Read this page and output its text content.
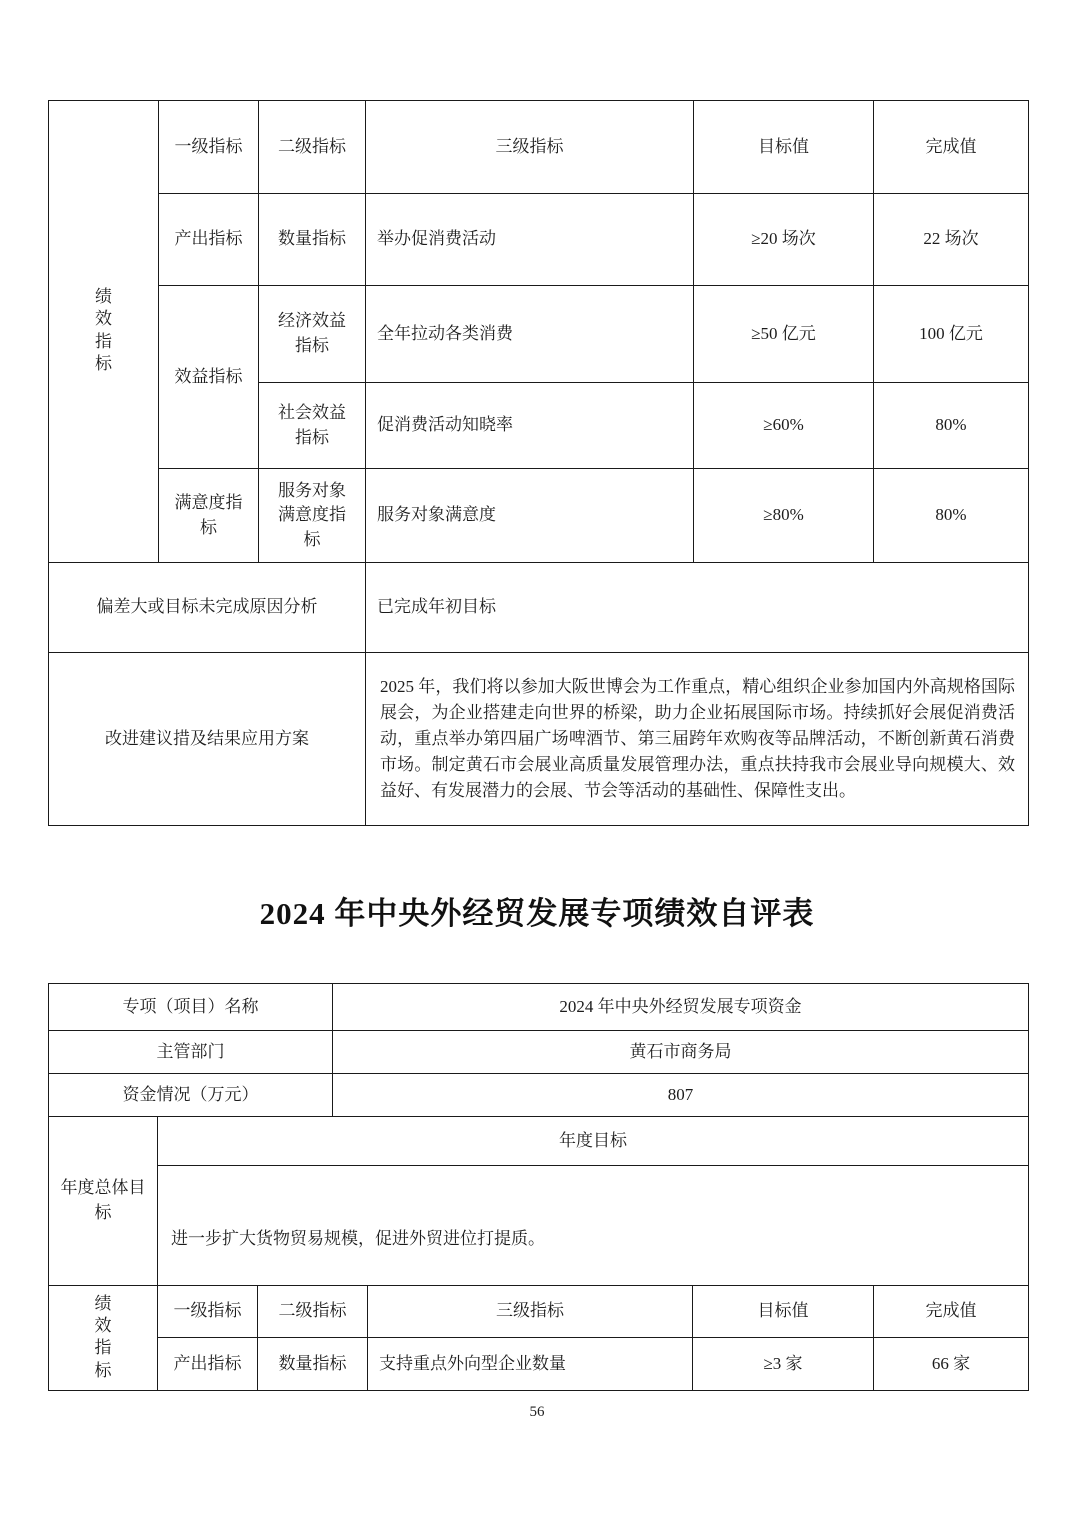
绩效指标	一级指标	二级指标	三级指标	目标值	完成值
	产出指标	数量指标	举办促消费活动	≥20 场次	22 场次
	效益指标	经济效益指标	全年拉动各类消费	≥50 亿元	100 亿元
		社会效益指标	促消费活动知晓率	≥60%	80%
	满意度指标	服务对象满意度指标	服务对象满意度	≥80%	80%
偏差大或目标未完成原因分析			已完成年初目标		
改进建议措及结果应用方案			2025 年，我们将以参加大阪世博会为工作重点，精心组织企业参加国内外高规格国际展会，为企业搭建走向世界的桥梁，助力企业拓展国际市场。持续抓好会展促消费活动，重点举办第四届广场啤酒节、第三届跨年欢购夜等品牌活动，不断创新黄石消费市场。制定黄石市会展业高质量发展管理办法，重点扶持我市会展业导向规模大、效益好、有发展潜力的会展、节会等活动的基础性、保障性支出。		
2024 年中央外经贸发展专项绩效自评表
专项（项目）名称			2024 年中央外经贸发展专项资金			
主管部门			黄石市商务局			
资金情况（万元）			807			
年度总体目标	年度目标					
	进一步扩大货物贸易规模，促进外贸进位打提质。					
绩效指标	一级指标	二级指标		三级指标	目标值	完成值
	产出指标	数量指标		支持重点外向型企业数量	≥3 家	66 家
56
